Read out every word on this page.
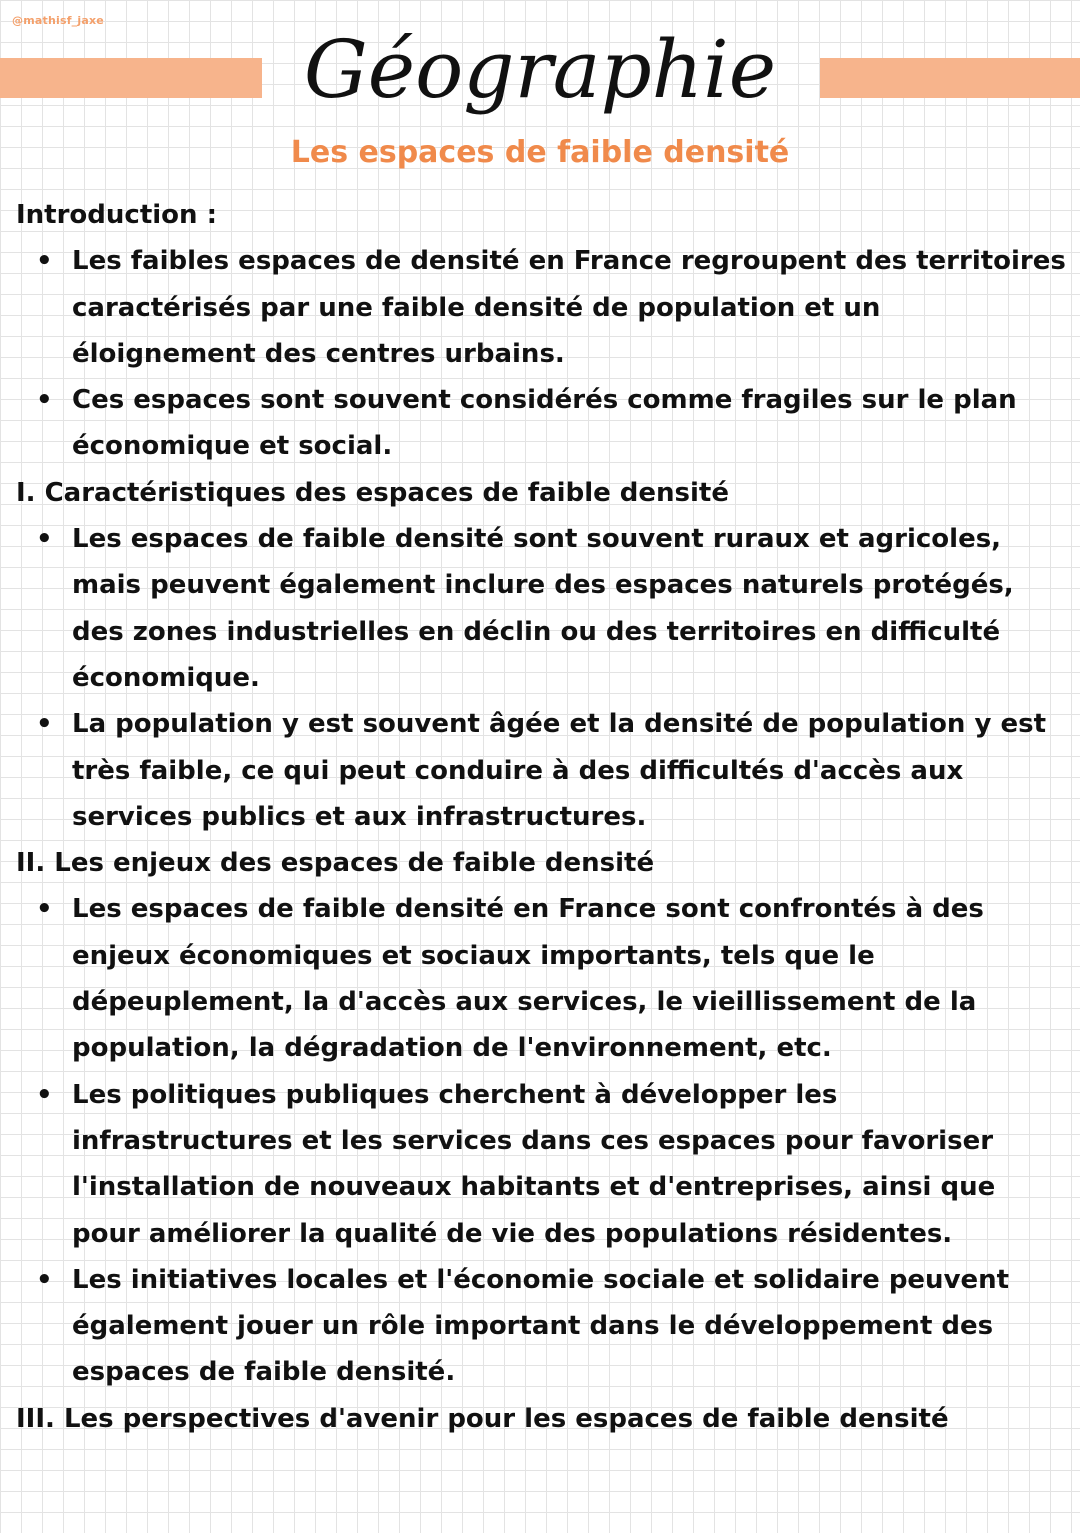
@mathisf_jaxe
Géographie
Les espaces de faible densité
Introduction :
• Les faibles espaces de densité en France regroupent des territoires caractérisés par une faible densité de population et un éloignement des centres urbains.
• Ces espaces sont souvent considérés comme fragiles sur le plan économique et social.
I. Caractéristiques des espaces de faible densité
• Les espaces de faible densité sont souvent ruraux et agricoles, mais peuvent également inclure des espaces naturels protégés, des zones industrielles en déclin ou des territoires en difficulté économique.
• La population y est souvent âgée et la densité de population y est très faible, ce qui peut conduire à des difficultés d'accès aux services publics et aux infrastructures.
II. Les enjeux des espaces de faible densité
• Les espaces de faible densité en France sont confrontés à des enjeux économiques et sociaux importants, tels que le dépeuplement, la d'accès aux services, le vieillissement de la population, la dégradation de l'environnement, etc.
• Les politiques publiques cherchent à développer les infrastructures et les services dans ces espaces pour favoriser l'installation de nouveaux habitants et d'entreprises, ainsi que pour améliorer la qualité de vie des populations résidentes.
• Les initiatives locales et l'économie sociale et solidaire peuvent également jouer un rôle important dans le développement des espaces de faible densité.
III. Les perspectives d'avenir pour les espaces de faible densité
